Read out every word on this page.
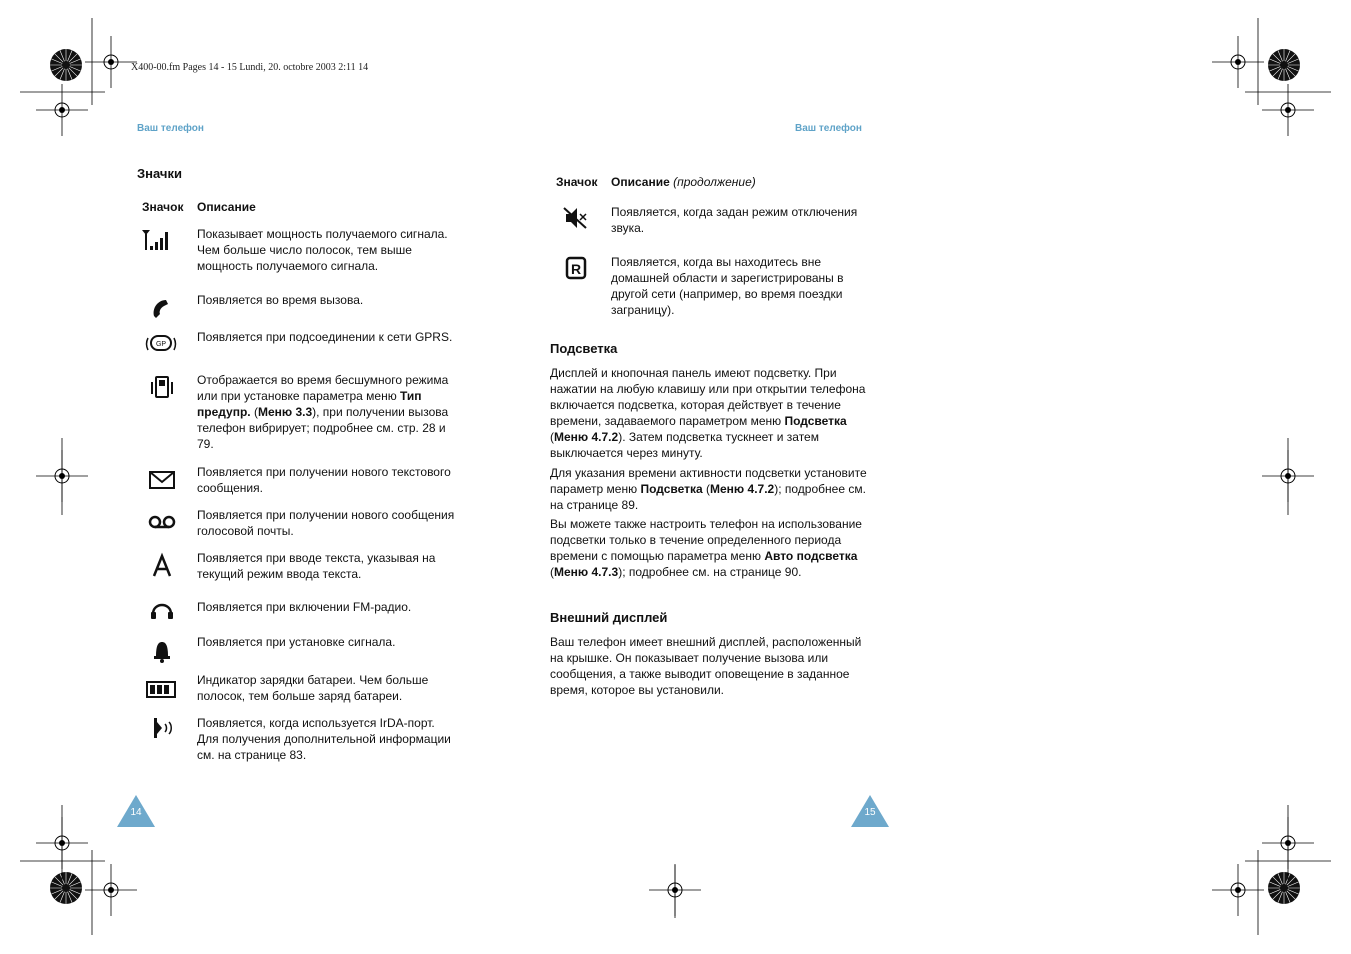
X400-00.fm Pages 14 - 15 Lundi, 20. octobre 2003 2:11 14
Ваш телефон	Ваш телефон
Значки
Значок Описание
GP
Показывает мощность получаемого сигнала. Чем больше число полосок, тем выше мощность получаемого сигнала.
Появляется во время вызова.
Появляется при подсоединении к сети GPRS.
Отображается во время бесшумного режима или при установке параметра меню Тип предупр. (Меню 3.3), при получении вызова телефон вибрирует; подробнее см. стр. 28 и 79.
Появляется при получении нового текстового сообщения.
Появляется при получении нового сообщения голосовой почты.
Появляется при вводе текста, указывая на текущий режим ввода текста.
Появляется при включении FM-радио.
Появляется при установке сигнала.
Индикатор зарядки батареи. Чем больше полосок, тем больше заряд батареи.
Появляется, когда используется IrDA-порт. Для получения дополнительной информации см. на странице 83.
14
Значок Описание (продолжение)
R
Появляется, когда задан режим отключения звука.
Появляется, когда вы находитесь вне домашней области и зарегистрированы в другой сети (например, во время поездки заграницу).
Подсветка
Дисплей и кнопочная панель имеют подсветку. При нажатии на любую клавишу или при открытии телефона включается подсветка, которая действует в течение времени, задаваемого параметром меню Подсветка (Меню 4.7.2). Затем подсветка тускнеет и затем выключается через минуту.
Для указания времени активности подсветки установите параметр меню Подсветка (Меню 4.7.2); подробнее см. на странице 89.
Вы можете также настроить телефон на использование подсветки только в течение определенного периода времени с помощью параметра меню Авто подсветка (Меню 4.7.3); подробнее см. на странице 90.
Внешний дисплей
Ваш телефон имеет внешний дисплей, расположенный на крышке. Он показывает получение вызова или сообщения, а также выводит оповещение в заданное время, которое вы установили.
15
